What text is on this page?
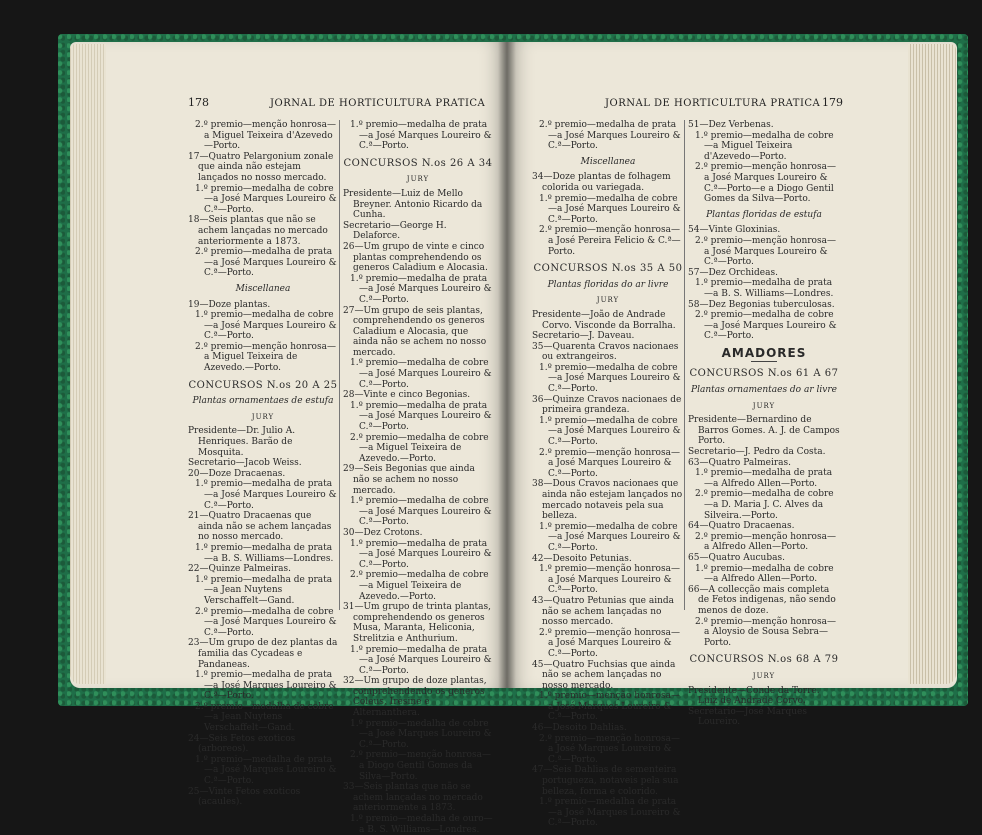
178	JORNAL DE HORTICULTURA PRATICA	JORNAL DE HORTICULTURA PRATICA 179

2.º premio—menção honrosa—a Miguel Teixeira d'Azevedo—Porto.

17—Quatro Pelargonium zonale que ainda não estejam lançados no nosso mercado.

1.º premio—medalha de cobre—a José Marques Loureiro & C.ª—Porto.

18—Seis plantas que não se achem lançadas no mercado anteriormente a 1873.

2.º premio—medalha de prata—a José Marques Loureiro & C.ª—Porto.

Miscellanea

19—Doze plantas.

1.º premio—medalha de cobre—a José Marques Loureiro & C.ª—Porto.

2.º premio—menção honrosa—a Miguel Teixeira de Azevedo.—Porto.

CONCURSOS N.os 20 A 25

Plantas ornamentaes de estufa

JURY

Presidente—Dr. Julio A. Henriques. Barão de Mosquita.

Secretario—Jacob Weiss.

20—Doze Dracaenas.

1.º premio—medalha de prata—a José Marques Loureiro & C.ª—Porto.

21—Quatro Dracaenas que ainda não se achem lançadas no nosso mercado.

1.º premio—medalha de prata—a B. S. Williams—Londres.

22—Quinze Palmeiras.

1.º premio—medalha de prata—a Jean Nuytens Verschaffelt—Gand.

2.º premio—medalha de cobre—a José Marques Loureiro & C.ª—Porto.

23—Um grupo de dez plantas da familia das Cycadeas e Pandaneas.

1.º premio—medalha de prata—a José Marques Loureiro & C.ª—Porto.

2.º premio—medalha de cobre—a Jean Nuytens Verschaffelt—Gand.

24—Seis Fetos exoticos (arboreos).

1.º premio—medalha de prata—a José Marques Loureiro & C.ª—Porto.

25—Vinte Fetos exoticos (acaules).

1.º premio—medalha de prata—a José Marques Loureiro & C.ª—Porto.

CONCURSOS N.os 26 A 34

JURY

Presidente—Luiz de Mello Breyner. Antonio Ricardo da Cunha.

Secretario—George H. Delaforce.

26—Um grupo de vinte e cinco plantas comprehendendo os generos Caladium e Alocasia.

1.º premio—medalha de prata—a José Marques Loureiro & C.ª—Porto.

27—Um grupo de seis plantas, comprehendendo os generos Caladium e Alocasia, que ainda não se achem no nosso mercado.

1.º premio—medalha de cobre—a José Marques Loureiro & C.ª—Porto.

28—Vinte e cinco Begonias.

1.º premio—medalha de prata—a José Marques Loureiro & C.ª—Porto.

2.º premio—medalha de cobre—a Miguel Teixeira de Azevedo.—Porto.

29—Seis Begonias que ainda não se achem no nosso mercado.

1.º premio—medalha de cobre—a José Marques Loureiro & C.ª—Porto.

30—Dez Crotons.

1.º premio—medalha de prata—a José Marques Loureiro & C.ª—Porto.

2.º premio—medalha de cobre—a Miguel Teixeira de Azevedo.—Porto.

31—Um grupo de trinta plantas, comprehendendo os generos Musa, Maranta, Heliconia, Strelitzia e Anthurium.

1.º premio—medalha de prata—a José Marques Loureiro & C.ª—Porto.

32—Um grupo de doze plantas, comprehendendo os generos Coleus, Iresine e Alternanthera.

1.º premio—medalha de cobre—a José Marques Loureiro & C.ª—Porto.

2.º premio—menção honrosa—a Diogo Gentil Gomes da Silva—Porto.

33—Seis plantas que não se achem lançadas no mercado anteriormente a 1873.

1.º premio—medalha de ouro—a B. S. Williams—Londres.

2.º premio—medalha de prata—a José Marques Loureiro & C.ª—Porto.

Miscellanea

34—Doze plantas de folhagem colorida ou variegada.

1.º premio—medalha de cobre—a José Marques Loureiro & C.ª—Porto.

2.º premio—menção honrosa—a José Pereira Felicio & C.ª—Porto.

CONCURSOS N.os 35 A 50

Plantas floridas do ar livre

JURY

Presidente—João de Andrade Corvo. Visconde da Borralha.

Secretario—J. Daveau.

35—Quarenta Cravos nacionaes ou extrangeiros.

1.º premio—medalha de cobre—a José Marques Loureiro & C.ª—Porto.

36—Quinze Cravos nacionaes de primeira grandeza.

1.º premio—medalha de cobre—a José Marques Loureiro & C.ª—Porto.

2.º premio—menção honrosa—a José Marques Loureiro & C.ª—Porto.

38—Dous Cravos nacionaes que ainda não estejam lançados no mercado notaveis pela sua belleza.

1.º premio—medalha de cobre—a José Marques Loureiro & C.ª—Porto.

42—Desoito Petunias.

1.º premio—menção honrosa—a José Marques Loureiro & C.ª—Porto.

43—Quatro Petunias que ainda não se achem lançadas no nosso mercado.

2.º premio—menção honrosa—a José Marques Loureiro & C.ª—Porto.

45—Quatro Fuchsias que ainda não se achem lançadas no nosso mercado.

1.º premio—menção honrosa—a José Marques Loureiro & C.ª—Porto.

46—Desoito Dahlias.

2.º premio—menção honrosa—a José Marques Loureiro & C.ª—Porto.

47—Seis Dahlias de sementeira portugueza, notaveis pela sua belleza, forma e colorido.

1.º premio—medalha de prata—a José Marques Loureiro & C.ª—Porto.

51—Dez Verbenas.

1.º premio—medalha de cobre—a Miguel Teixeira d'Azevedo—Porto.

2.º premio—menção honrosa—a José Marques Loureiro & C.ª—Porto—e a Diogo Gentil Gomes da Silva—Porto.

Plantas floridas de estufa

54—Vinte Gloxinias.

2.º premio—menção honrosa—a José Marques Loureiro & C.ª—Porto.

57—Dez Orchideas.

1.º premio—medalha de prata—a B. S. Williams—Londres.

58—Dez Begonias tuberculosas.

2.º premio—medalha de cobre—a José Marques Loureiro & C.ª—Porto.

AMADORES

CONCURSOS N.os 61 A 67

Plantas ornamentaes do ar livre

JURY

Presidente—Bernardino de Barros Gomes. A. J. de Campos Porto.

Secretario—J. Pedro da Costa.

63—Quatro Palmeiras.

1.º premio—medalha de prata—a Alfredo Allen—Porto.

2.º premio—medalha de cobre—a D. Maria J. C. Alves da Silveira.—Porto.

64—Quatro Dracaenas.

2.º premio—menção honrosa—a Alfredo Allen—Porto.

65—Quatro Aucubas.

1.º premio—medalha de cobre—a Alfredo Allen—Porto.

66—A collecção mais completa de Fetos indigenas, não sendo menos de doze.

2.º premio—menção honrosa—a Aloysio de Sousa Sebra—Porto.

CONCURSOS N.os 68 A 79

JURY

Presidente—Conde da Torre. Luiz de Andrade Corvo.

Secretario—José Marques Loureiro.
